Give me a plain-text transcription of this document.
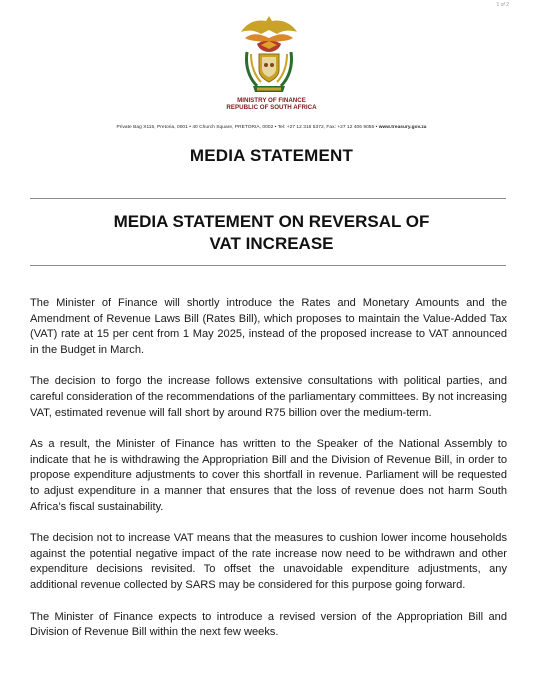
1 of 2
MINISTRY OF FINANCE
REPUBLIC OF SOUTH AFRICA
Private Bag X115, Pretoria, 0001 • 40 Church Square, PRETORIA, 0002 • Tel: +27 12 315 5372, Fax: +27 12 406 9055 • www.treasury.gov.za
MEDIA STATEMENT
MEDIA STATEMENT ON REVERSAL OF
VAT INCREASE

The Minister of Finance will shortly introduce the Rates and Monetary Amounts and the Amendment of Revenue Laws Bill (Rates Bill), which proposes to maintain the Value-Added Tax (VAT) rate at 15 per cent from 1 May 2025, instead of the proposed increase to VAT announced in the Budget in March.

The decision to forgo the increase follows extensive consultations with political parties, and careful consideration of the recommendations of the parliamentary committees. By not increasing VAT, estimated revenue will fall short by around R75 billion over the medium-term.

As a result, the Minister of Finance has written to the Speaker of the National Assembly to indicate that he is withdrawing the Appropriation Bill and the Division of Revenue Bill, in order to propose expenditure adjustments to cover this shortfall in revenue. Parliament will be requested to adjust expenditure in a manner that ensures that the loss of revenue does not harm South Africa’s fiscal sustainability.

The decision not to increase VAT means that the measures to cushion lower income households against the potential negative impact of the rate increase now need to be withdrawn and other expenditure decisions revisited. To offset the unavoidable expenditure adjustments, any additional revenue collected by SARS may be considered for this purpose going forward.

The Minister of Finance expects to introduce a revised version of the Appropriation Bill and Division of Revenue Bill within the next few weeks.
